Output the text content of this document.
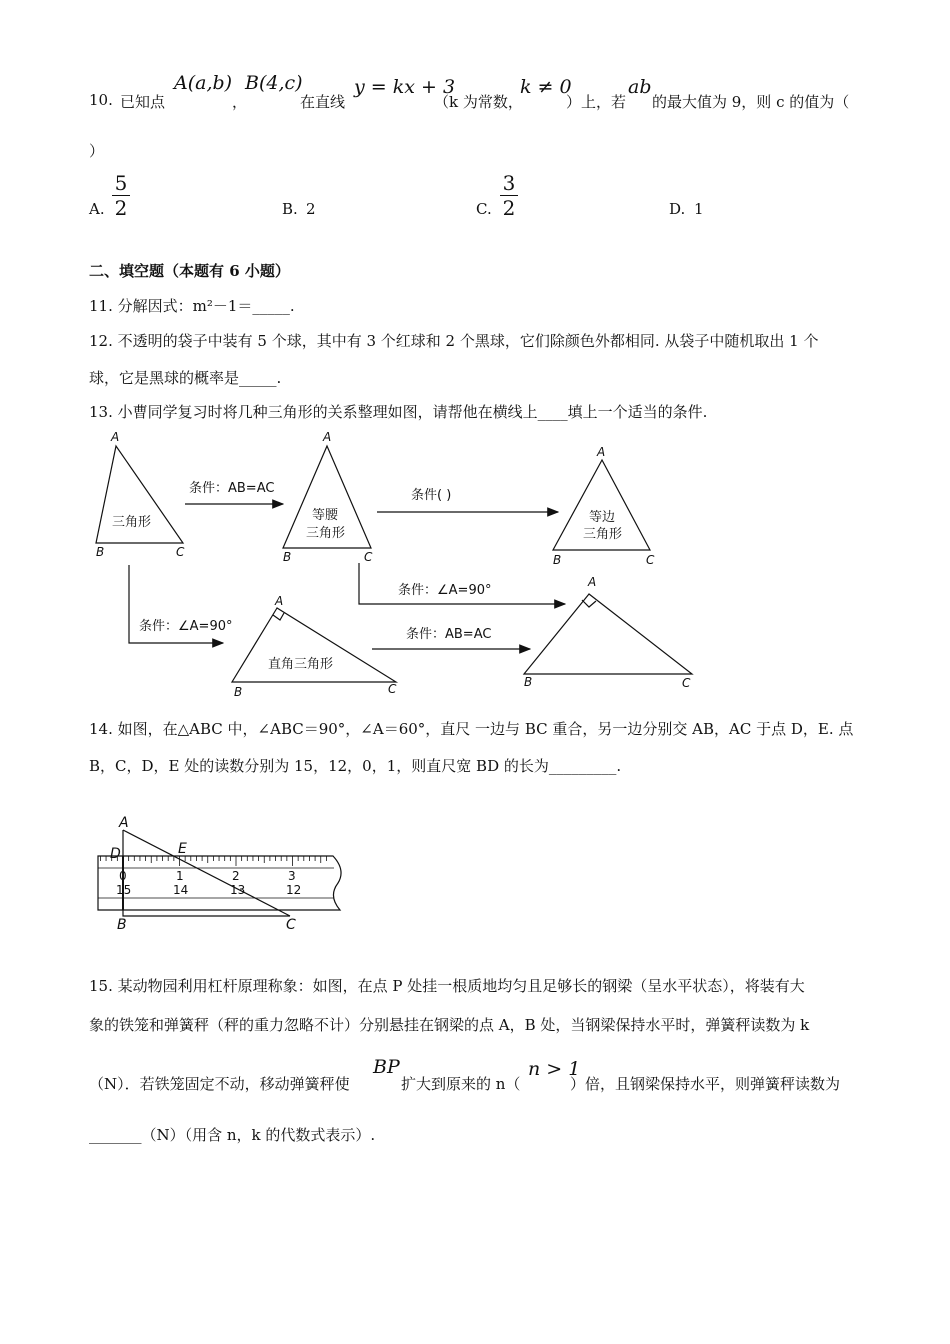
10. 已知点
A(a,b)
，
B(4,c)
在直线
y = kx + 3
（k 为常数，
k ≠ 0
）上，若
ab
的最大值为 9，则 c 的值为（
）
A.
5
2	B. 2	C.
3
2	D. 1
二、填空题（本题有 6 小题）
11. 分解因式：m²－1＝_____.
12. 不透明的袋子中装有 5 个球，其中有 3 个红球和 2 个黑球，它们除颜色外都相同. 从袋子中随机取出 1 个
球，它是黑球的概率是_____.
13. 小曹同学复习时将几种三角形的关系整理如图，请帮他在横线上____填上一个适当的条件.
A
B	C
三角形
A
B	C
等腰
三角形
A
B	C
等边
三角形
A
B	C
直角三角形
A
B	C
条件：AB=AC	条件( )
条件：∠A=90°
条件：∠A=90°
条件：AB=AC
14. 如图，在△ABC 中，∠ABC＝90°，∠A＝60°，直尺 一边与 BC 重合，另一边分别交 AB，AC 于点 D，E. 点
B，C，D，E 处的读数分别为 15，12，0，1，则直尺宽 BD 的长为_________.
A
D	E
B	C
0	1	2	3
15	14	13	12
15. 某动物园利用杠杆原理称象：如图，在点 P 处挂一根质地均匀且足够长的钢梁（呈水平状态），将装有大
象的铁笼和弹簧秤（秤的重力忽略不计）分别悬挂在钢梁的点 A，B 处，当钢梁保持水平时，弹簧秤读数为 k
（N）．若铁笼固定不动，移动弹簧秤使
BP
扩大到原来的 n（
n > 1
）倍，且钢梁保持水平，则弹簧秤读数为
_______（N）（用含 n，k 的代数式表示）.
